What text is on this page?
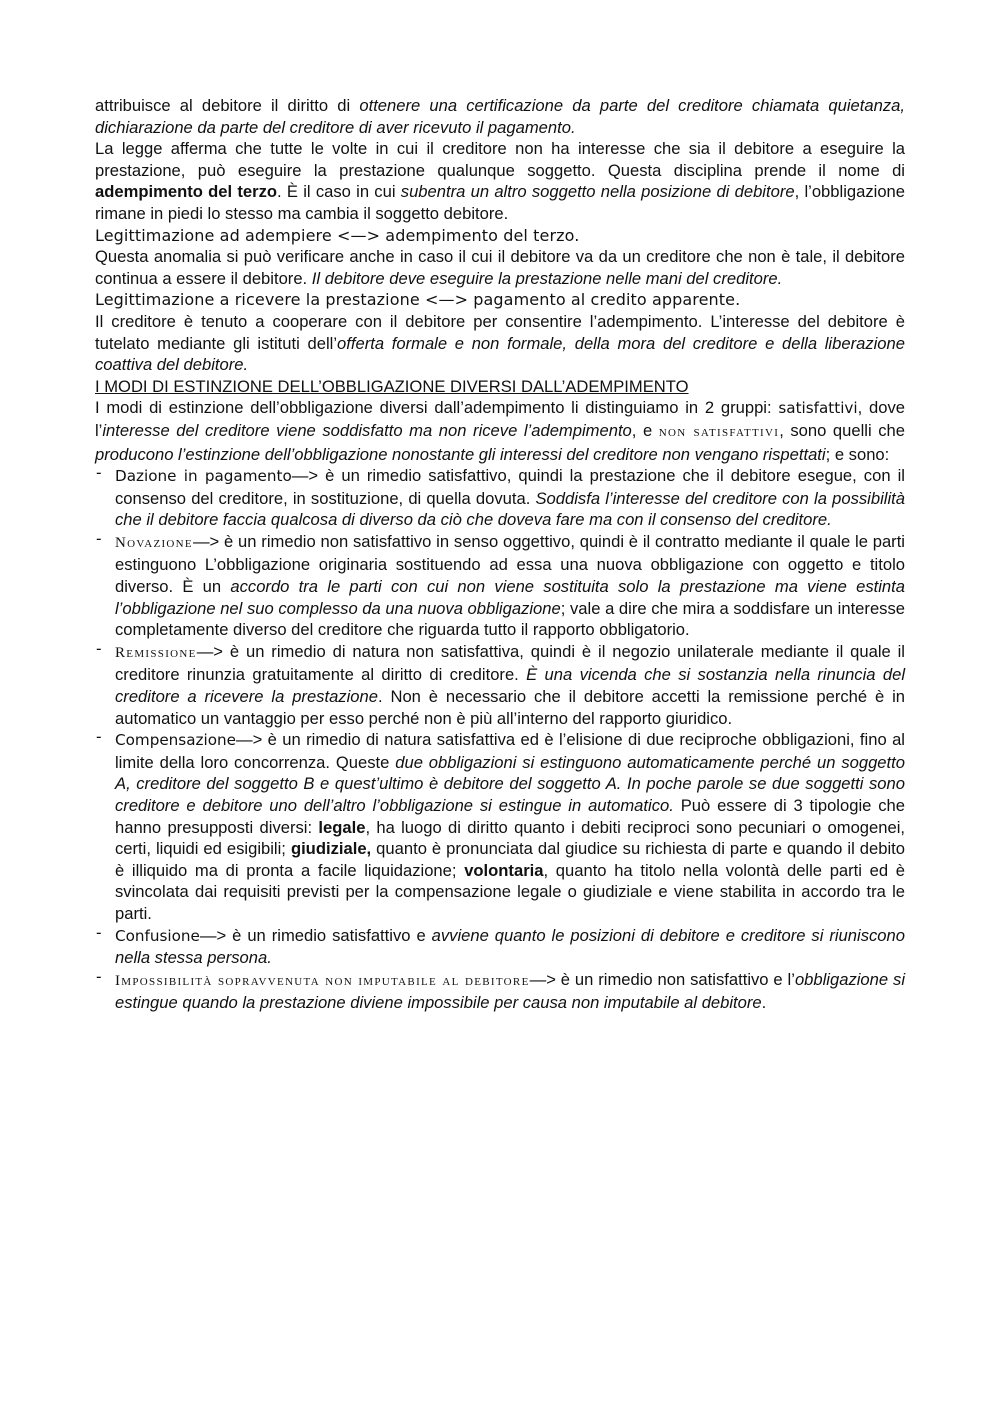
attribuisce al debitore il diritto di ottenere una certificazione da parte del creditore chiamata quietanza, dichiarazione da parte del creditore di aver ricevuto il pagamento.

La legge afferma che tutte le volte in cui il creditore non ha interesse che sia il debitore a eseguire la prestazione, può eseguire la prestazione qualunque soggetto. Questa disciplina prende il nome di adempimento del terzo. È il caso in cui subentra un altro soggetto nella posizione di debitore, l’obbligazione rimane in piedi lo stesso ma cambia il soggetto debitore.

Legittimazione ad adempiere <—> adempimento del terzo.

Questa anomalia si può verificare anche in caso il cui il debitore va da un creditore che non è tale, il debitore continua a essere il debitore. Il debitore deve eseguire la prestazione nelle mani del creditore.

Legittimazione a ricevere la prestazione <—> pagamento al credito apparente.

Il creditore è tenuto a cooperare con il debitore per consentire l’adempimento. L’interesse del debitore è tutelato mediante gli istituti dell’offerta formale e non formale, della mora del creditore e della liberazione coattiva del debitore.

I MODI DI ESTINZIONE DELL’OBBLIGAZIONE DIVERSI DALL’ADEMPIMENTO

I modi di estinzione dell’obbligazione diversi dall’adempimento li distinguiamo in 2 gruppi: satisfattivi, dove l’interesse del creditore viene soddisfatto ma non riceve l’adempimento, e non satisfattivi, sono quelli che producono l’estinzione dell’obbligazione nonostante gli interessi del creditore non vengano rispettati; e sono:

- Dazione in pagamento—> è un rimedio satisfattivo, quindi la prestazione che il debitore esegue, con il consenso del creditore, in sostituzione, di quella dovuta. Soddisfa l’interesse del creditore con la possibilità che il debitore faccia qualcosa di diverso da ciò che doveva fare ma con il consenso del creditore.
- Novazione—> è un rimedio non satisfattivo in senso oggettivo, quindi è il contratto mediante il quale le parti estinguono L’obbligazione originaria sostituendo ad essa una nuova obbligazione con oggetto e titolo diverso. È un accordo tra le parti con cui non viene sostituita solo la prestazione ma viene estinta l’obbligazione nel suo complesso da una nuova obbligazione; vale a dire che mira a soddisfare un interesse completamente diverso del creditore che riguarda tutto il rapporto obbligatorio.
- Remissione—> è un rimedio di natura non satisfattiva, quindi è il negozio unilaterale mediante il quale il creditore rinunzia gratuitamente al diritto di creditore. È una vicenda che si sostanzia nella rinuncia del creditore a ricevere la prestazione. Non è necessario che il debitore accetti la remissione perché è in automatico un vantaggio per esso perché non è più all’interno del rapporto giuridico.
- Compensazione—> è un rimedio di natura satisfattiva ed è l’elisione di due reciproche obbligazioni, fino al limite della loro concorrenza. Queste due obbligazioni si estinguono automaticamente perché un soggetto A, creditore del soggetto B e quest’ultimo è debitore del soggetto A. In poche parole se due soggetti sono creditore e debitore uno dell’altro l’obbligazione si estingue in automatico. Può essere di 3 tipologie che hanno presupposti diversi: legale, ha luogo di diritto quanto i debiti reciproci sono pecuniari o omogenei, certi, liquidi ed esigibili; giudiziale, quanto è pronunciata dal giudice su richiesta di parte e quando il debito è illiquido ma di pronta a facile liquidazione; volontaria, quanto ha titolo nella volontà delle parti ed è svincolata dai requisiti previsti per la compensazione legale o giudiziale e viene stabilita in accordo tra le parti.
- Confusione—> è un rimedio satisfattivo e avviene quanto le posizioni di debitore e creditore si riuniscono nella stessa persona.
- Impossibilità sopravvenuta non imputabile al debitore—> è un rimedio non satisfattivo e l’obbligazione si estingue quando la prestazione diviene impossibile per causa non imputabile al debitore.
